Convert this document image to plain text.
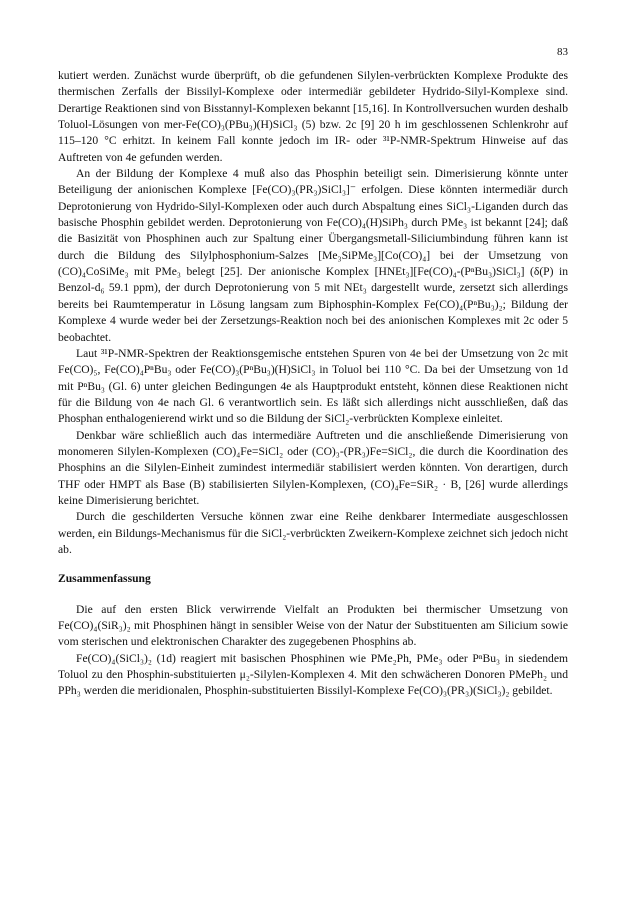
83

kutiert werden. Zunächst wurde überprüft, ob die gefundenen Silylen-verbrückten Komplexe Produkte des thermischen Zerfalls der Bissilyl-Komplexe oder intermediär gebildeter Hydrido-Silyl-Komplexe sind. Derartige Reaktionen sind von Bisstannyl-Komplexen bekannt [15,16]. In Kontrollversuchen wurden deshalb Toluol-Lösungen von mer-Fe(CO)₃(PBu₃)(H)SiCl₃ (5) bzw. 2c [9] 20 h im geschlossenen Schlenkrohr auf 115–120 °C erhitzt. In keinem Fall konnte jedoch im IR- oder ³¹P-NMR-Spektrum Hinweise auf das Auftreten von 4e gefunden werden.

An der Bildung der Komplexe 4 muß also das Phosphin beteiligt sein. Dimerisierung könnte unter Beteiligung der anionischen Komplexe [Fe(CO)₃(PR₃)SiCl₃]⁻ erfolgen. Diese könnten intermediär durch Deprotonierung von Hydrido-Silyl-Komplexen oder auch durch Abspaltung eines SiCl₃-Liganden durch das basische Phosphin gebildet werden. Deprotonierung von Fe(CO)₄(H)SiPh₃ durch PMe₃ ist bekannt [24]; daß die Basizität von Phosphinen auch zur Spaltung einer Übergangsmetall-Siliciumbindung führen kann ist durch die Bildung des Silylphosphonium-Salzes [Me₃SiPMe₃][Co(CO)₄] bei der Umsetzung von (CO)₄CoSiMe₃ mit PMe₃ belegt [25]. Der anionische Komplex [HNEt₃][Fe(CO)₄-(PⁿBu₃)SiCl₃] (δ(P) in Benzol-d₆ 59.1 ppm), der durch Deprotonierung von 5 mit NEt₃ dargestellt wurde, zersetzt sich allerdings bereits bei Raumtemperatur in Lösung langsam zum Biphosphin-Komplex Fe(CO)₄(PⁿBu₃)₂; Bildung der Komplexe 4 wurde weder bei der Zersetzungs-Reaktion noch bei des anionischen Komplexes mit 2c oder 5 beobachtet.

Laut ³¹P-NMR-Spektren der Reaktionsgemische entstehen Spuren von 4e bei der Umsetzung von 2c mit Fe(CO)₅, Fe(CO)₄PⁿBu₃ oder Fe(CO)₃(PⁿBu₃)(H)SiCl₃ in Toluol bei 110 °C. Da bei der Umsetzung von 1d mit PⁿBu₃ (Gl. 6) unter gleichen Bedingungen 4e als Hauptprodukt entsteht, können diese Reaktionen nicht für die Bildung von 4e nach Gl. 6 verantwortlich sein. Es läßt sich allerdings nicht ausschließen, daß das Phosphan enthalogenierend wirkt und so die Bildung der SiCl₂-verbrückten Komplexe einleitet.

Denkbar wäre schließlich auch das intermediäre Auftreten und die anschließende Dimerisierung von monomeren Silylen-Komplexen (CO)₄Fe=SiCl₂ oder (CO)₃-(PR₃)Fe=SiCl₂, die durch die Koordination des Phosphins an die Silylen-Einheit zumindest intermediär stabilisiert werden könnten. Von derartigen, durch THF oder HMPT als Base (B) stabilisierten Silylen-Komplexen, (CO)₄Fe=SiR₂ · B, [26] wurde allerdings keine Dimerisierung berichtet.

Durch die geschilderten Versuche können zwar eine Reihe denkbarer Intermediate ausgeschlossen werden, ein Bildungs-Mechanismus für die SiCl₂-verbrückten Zweikern-Komplexe zeichnet sich jedoch nicht ab.

Zusammenfassung

Die auf den ersten Blick verwirrende Vielfalt an Produkten bei thermischer Umsetzung von Fe(CO)₄(SiR₃)₂ mit Phosphinen hängt in sensibler Weise von der Natur der Substituenten am Silicium sowie vom sterischen und elektronischen Charakter des zugegebenen Phosphins ab.

Fe(CO)₄(SiCl₃)₂ (1d) reagiert mit basischen Phosphinen wie PMe₂Ph, PMe₃ oder PⁿBu₃ in siedendem Toluol zu den Phosphin-substituierten μ₂-Silylen-Komplexen 4. Mit den schwächeren Donoren PMePh₂ und PPh₃ werden die meridionalen, Phosphin-substituierten Bissilyl-Komplexe Fe(CO)₃(PR₃)(SiCl₃)₂ gebildet.
